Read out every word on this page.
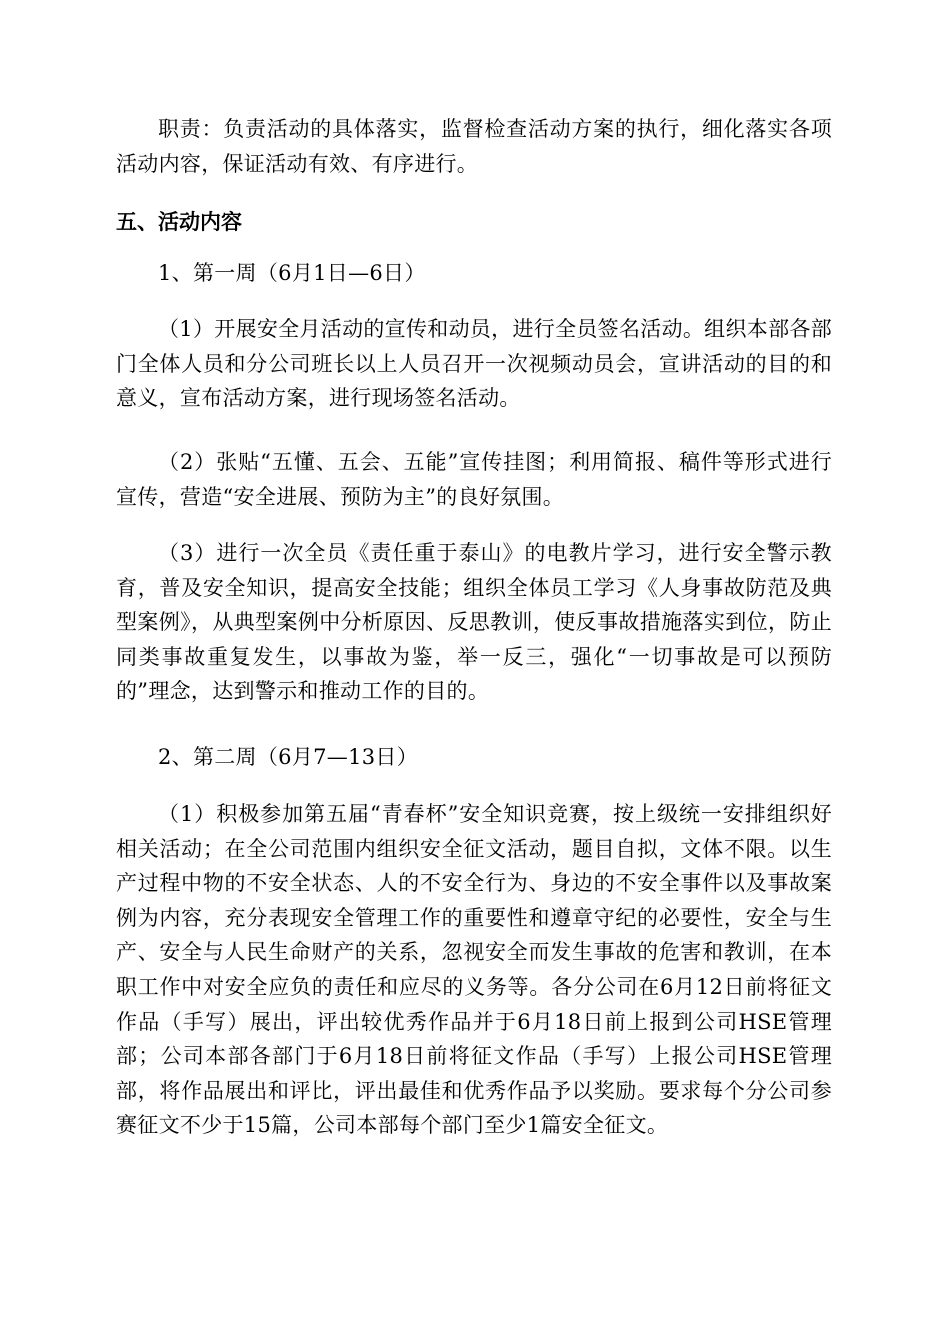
职责：负责活动的具体落实，监督检查活动方案的执行，细化落实各项活动内容，保证活动有效、有序进行。

五、活动内容

1、第一周（6月1日—6日）

（1）开展安全月活动的宣传和动员，进行全员签名活动。组织本部各部门全体人员和分公司班长以上人员召开一次视频动员会，宣讲活动的目的和意义，宣布活动方案，进行现场签名活动。

（2）张贴“五懂、五会、五能”宣传挂图；利用简报、稿件等形式进行宣传，营造“安全进展、预防为主”的良好氛围。

（3）进行一次全员《责任重于泰山》的电教片学习，进行安全警示教育，普及安全知识，提高安全技能；组织全体员工学习《人身事故防范及典型案例》，从典型案例中分析原因、反思教训，使反事故措施落实到位，防止同类事故重复发生，以事故为鉴，举一反三，强化“一切事故是可以预防的”理念，达到警示和推动工作的目的。

2、第二周（6月7—13日）

（1）积极参加第五届“青春杯”安全知识竞赛，按上级统一安排组织好相关活动；在全公司范围内组织安全征文活动，题目自拟，文体不限。以生产过程中物的不安全状态、人的不安全行为、身边的不安全事件以及事故案例为内容，充分表现安全管理工作的重要性和遵章守纪的必要性，安全与生产、安全与人民生命财产的关系，忽视安全而发生事故的危害和教训，在本职工作中对安全应负的责任和应尽的义务等。各分公司在6月12日前将征文作品（手写）展出，评出较优秀作品并于6月18日前上报到公司HSE管理部；公司本部各部门于6月18日前将征文作品（手写）上报公司HSE管理部，将作品展出和评比，评出最佳和优秀作品予以奖励。要求每个分公司参赛征文不少于15篇，公司本部每个部门至少1篇安全征文。
